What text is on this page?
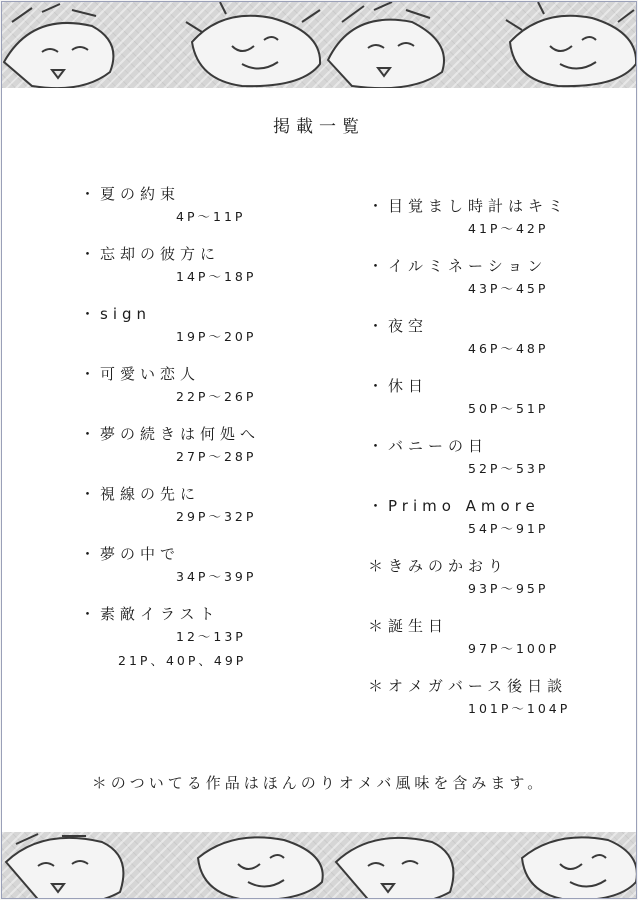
掲載一覧
・夏の約束
4P～11P
・忘却の彼方に
14P～18P
・sign
19P～20P
・可愛い恋人
22P～26P
・夢の続きは何処へ
27P～28P
・視線の先に
29P～32P
・夢の中で
34P～39P
・素敵イラスト
12～13P
21P、40P、49P
・目覚まし時計はキミ
41P～42P
・イルミネーション
43P～45P
・夜空
46P～48P
・休日
50P～51P
・バニーの日
52P～53P
・Primo Amore
54P～91P
＊きみのかおり
93P～95P
＊誕生日
97P～100P
＊オメガバース後日談
101P～104P
＊のついてる作品はほんのりオメバ風味を含みます。
